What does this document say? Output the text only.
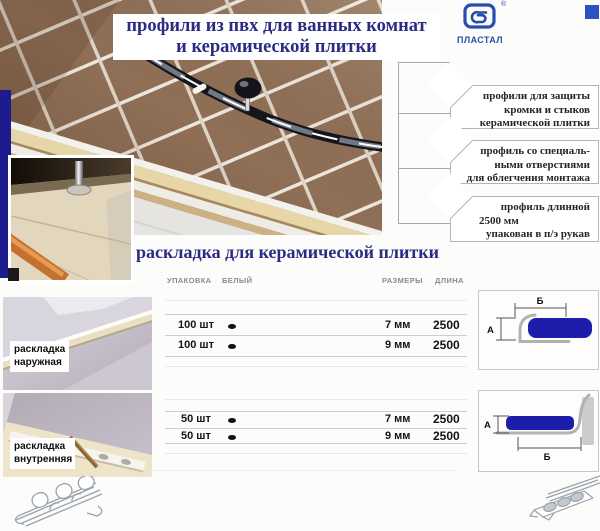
профили из пвх для ванных комнат
и керамической плитки
®
ПЛАСТАЛ
профили для защиты
кромки и стыков
керамической плитки
профиль со специаль-
ными отверстиями
для облегчения монтажа
профиль длинной
2500 мм
упакован в п/э рукав
раскладка для керамической плитки
УПАКОВКА БЕЛЫЙ	РАЗМЕРЫ ДЛИНА
100 шт	7 мм 2500
100 шт	9 мм 2500
50 шт	7 мм 2500
50 шт	9 мм 2500
раскладка
наружная
раскладка
внутренняя
Б
А
А
Б
